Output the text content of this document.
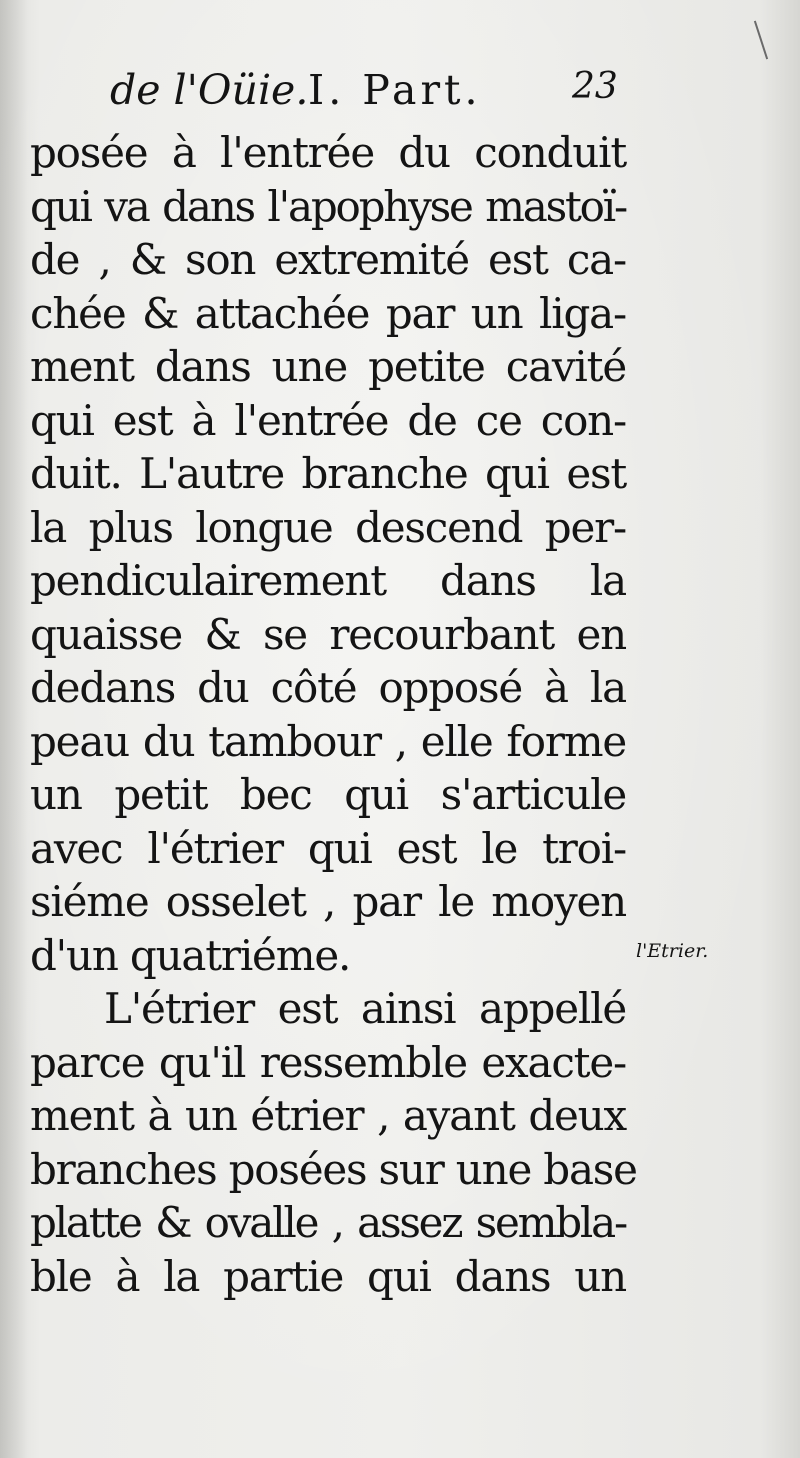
de l'Oüie. I. Part.	23
posée à l'entrée du conduit
qui va dans l'apophyse mastoï-
de , & son extremité est ca-
chée & attachée par un liga-
ment dans une petite cavité
qui est à l'entrée de ce con-
duit. L'autre branche qui est
la plus longue descend per-
pendiculairement dans la
quaisse & se recourbant en
dedans du côté opposé à la
peau du tambour , elle forme
un petit bec qui s'articule
avec l'étrier qui est le troi-
siéme osselet , par le moyen
d'un quatriéme.
L'étrier est ainsi appellé
parce qu'il ressemble exacte-
ment à un étrier , ayant deux
branches posées sur une base
platte & ovalle , assez sembla-
ble à la partie qui dans un
l'Etrier.
